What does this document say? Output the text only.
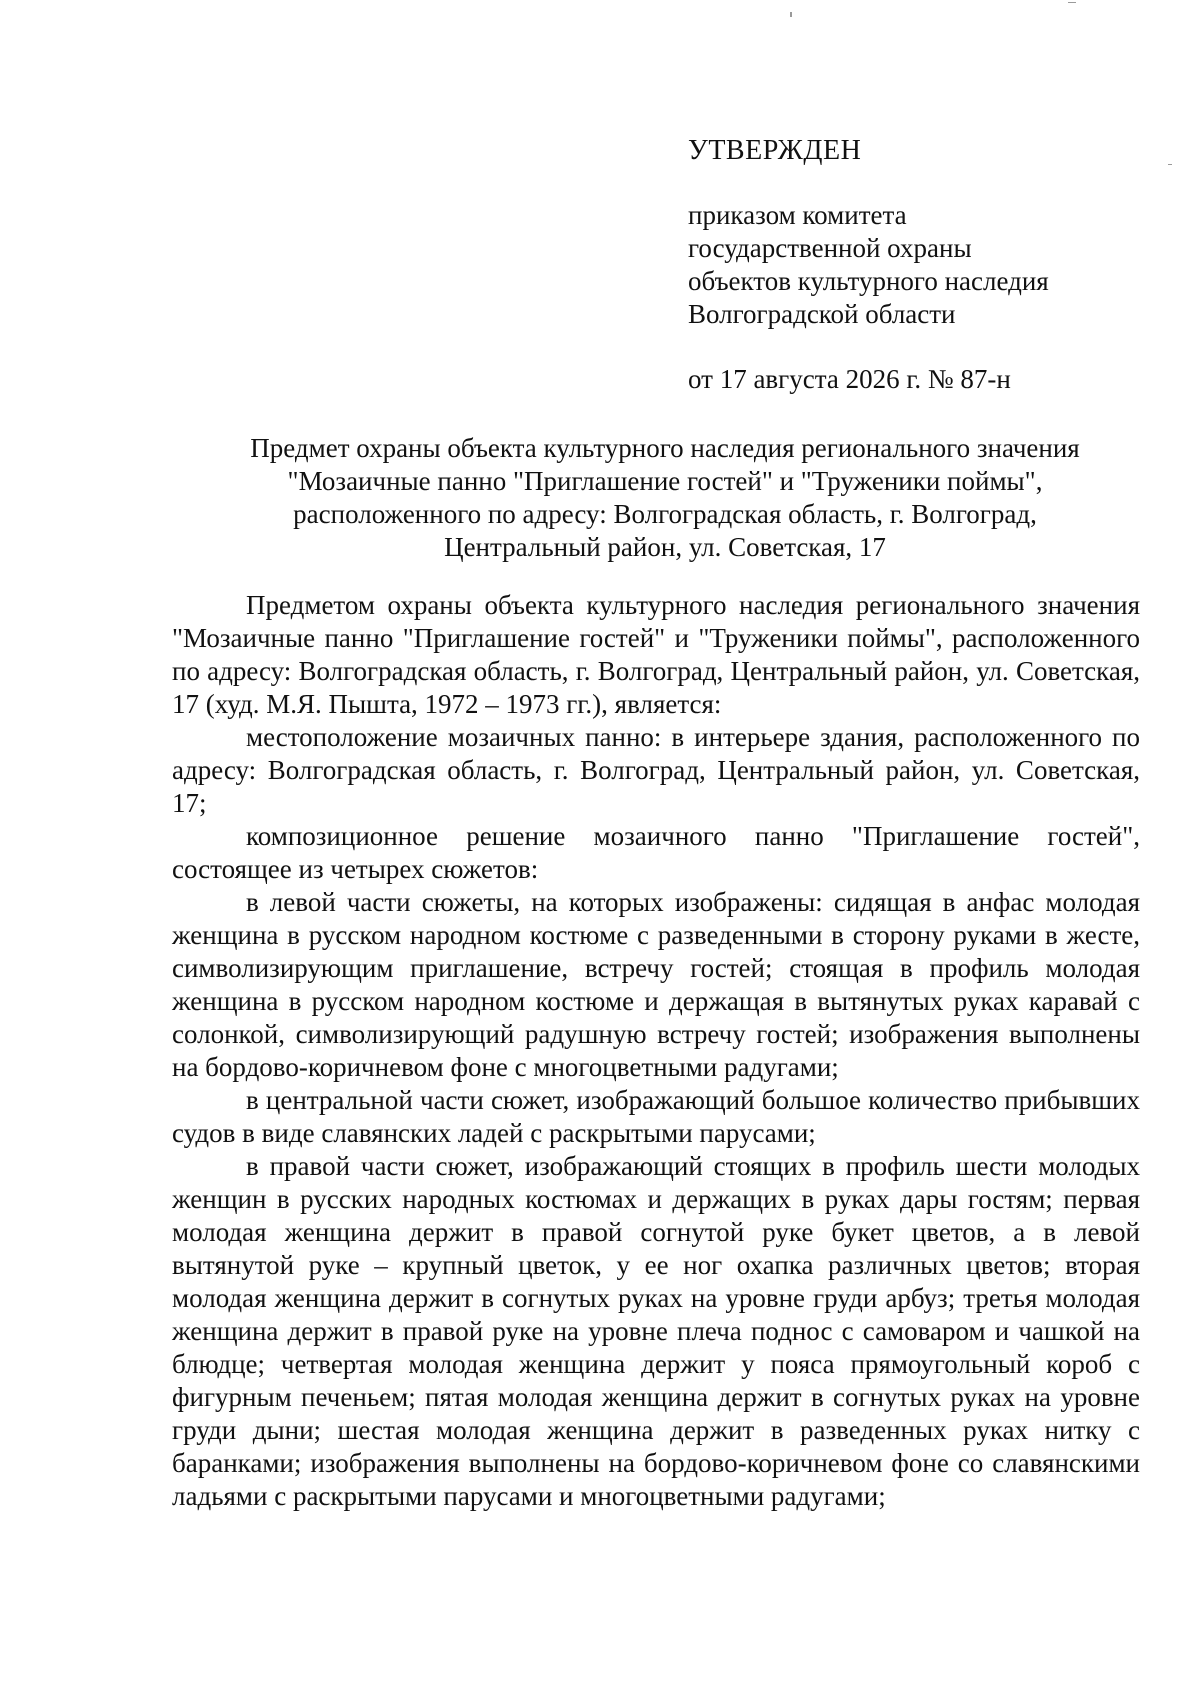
УТВЕРЖДЕН
приказом комитета
государственной охраны
объектов культурного наследия
Волгоградской области
от 17 августа 2026 г. № 87-н
Предмет охраны объекта культурного наследия регионального значения
"Мозаичные панно "Приглашение гостей" и "Труженики поймы",
расположенного по адресу: Волгоградская область, г. Волгоград,
Центральный район, ул. Советская, 17

Предметом охраны объекта культурного наследия регионального значения "Мозаичные панно "Приглашение гостей" и "Труженики поймы", расположенного по адресу: Волгоградская область, г. Волгоград, Центральный район, ул. Советская, 17 (худ. М.Я. Пышта, 1972 – 1973 гг.), является:

местоположение мозаичных панно: в интерьере здания, расположенного по адресу: Волгоградская область, г. Волгоград, Центральный район, ул. Советская, 17;

композиционное решение мозаичного панно "Приглашение гостей", состоящее из четырех сюжетов:

в левой части сюжеты, на которых изображены: сидящая в анфас молодая женщина в русском народном костюме с разведенными в сторону руками в жесте, символизирующим приглашение, встречу гостей; стоящая в профиль молодая женщина в русском народном костюме и держащая в вытянутых руках каравай с солонкой, символизирующий радушную встречу гостей; изображения выполнены на бордово-коричневом фоне с многоцветными радугами;

в центральной части сюжет, изображающий большое количество прибывших судов в виде славянских ладей с раскрытыми парусами;

в правой части сюжет, изображающий стоящих в профиль шести молодых женщин в русских народных костюмах и держащих в руках дары гостям; первая молодая женщина держит в правой согнутой руке букет цветов, а в левой вытянутой руке – крупный цветок, у ее ног охапка различных цветов; вторая молодая женщина держит в согнутых руках на уровне груди арбуз; третья молодая женщина держит в правой руке на уровне плеча поднос с самоваром и чашкой на блюдце; четвертая молодая женщина держит у пояса прямоугольный короб с фигурным печеньем; пятая молодая женщина держит в согнутых руках на уровне груди дыни; шестая молодая женщина держит в разведенных руках нитку с баранками; изображения выполнены на бордово-коричневом фоне со славянскими ладьями с раскрытыми парусами и многоцветными радугами;
